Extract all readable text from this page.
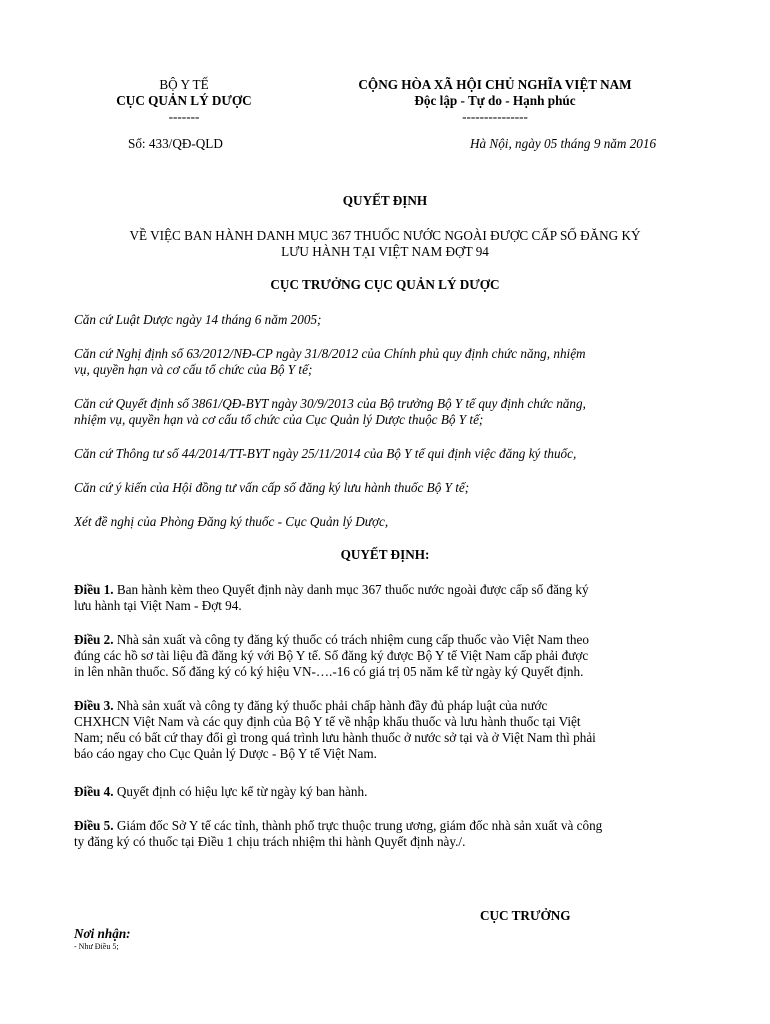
BỘ Y TẾ
CỤC QUẢN LÝ DƯỢC
-------
Số: 433/QĐ-QLD
CỘNG HÒA XÃ HỘI CHỦ NGHĨA VIỆT NAM
Độc lập - Tự do - Hạnh phúc
---------------
Hà Nội, ngày 05 tháng 9 năm 2016
QUYẾT ĐỊNH
VỀ VIỆC BAN HÀNH DANH MỤC 367 THUỐC NƯỚC NGOÀI ĐƯỢC CẤP SỐ ĐĂNG KÝ
LƯU HÀNH TẠI VIỆT NAM ĐỢT 94
CỤC TRƯỞNG CỤC QUẢN LÝ DƯỢC
Căn cứ Luật Dược ngày 14 tháng 6 năm 2005;
Căn cứ Nghị định số 63/2012/NĐ-CP ngày 31/8/2012 của Chính phủ quy định chức năng, nhiệm
vụ, quyền hạn và cơ cấu tổ chức của Bộ Y tế;
Căn cứ Quyết định số 3861/QĐ-BYT ngày 30/9/2013 của Bộ trưởng Bộ Y tế quy định chức năng,
nhiệm vụ, quyền hạn và cơ cấu tổ chức của Cục Quản lý Dược thuộc Bộ Y tế;
Căn cứ Thông tư số 44/2014/TT-BYT ngày 25/11/2014 của Bộ Y tế qui định việc đăng ký thuốc,
Căn cứ ý kiến của Hội đồng tư vấn cấp số đăng ký lưu hành thuốc Bộ Y tế;
Xét đề nghị của Phòng Đăng ký thuốc - Cục Quản lý Dược,
QUYẾT ĐỊNH:
Điều 1. Ban hành kèm theo Quyết định này danh mục 367 thuốc nước ngoài được cấp số đăng ký
lưu hành tại Việt Nam - Đợt 94.
Điều 2. Nhà sản xuất và công ty đăng ký thuốc có trách nhiệm cung cấp thuốc vào Việt Nam theo
đúng các hồ sơ tài liệu đã đăng ký với Bộ Y tế. Số đăng ký được Bộ Y tế Việt Nam cấp phải được
in lên nhãn thuốc. Số đăng ký có ký hiệu VN-….-16 có giá trị 05 năm kể từ ngày ký Quyết định.
Điều 3. Nhà sản xuất và công ty đăng ký thuốc phải chấp hành đầy đủ pháp luật của nước
CHXHCN Việt Nam và các quy định của Bộ Y tế về nhập khẩu thuốc và lưu hành thuốc tại Việt
Nam; nếu có bất cứ thay đổi gì trong quá trình lưu hành thuốc ở nước sở tại và ở Việt Nam thì phải
báo cáo ngay cho Cục Quản lý Dược - Bộ Y tế Việt Nam.
Điều 4. Quyết định có hiệu lực kể từ ngày ký ban hành.
Điều 5. Giám đốc Sở Y tế các tỉnh, thành phố trực thuộc trung ương, giám đốc nhà sản xuất và công
ty đăng ký có thuốc tại Điều 1 chịu trách nhiệm thi hành Quyết định này./.
CỤC TRƯỞNG
Nơi nhận:
- Như Điều 5;
